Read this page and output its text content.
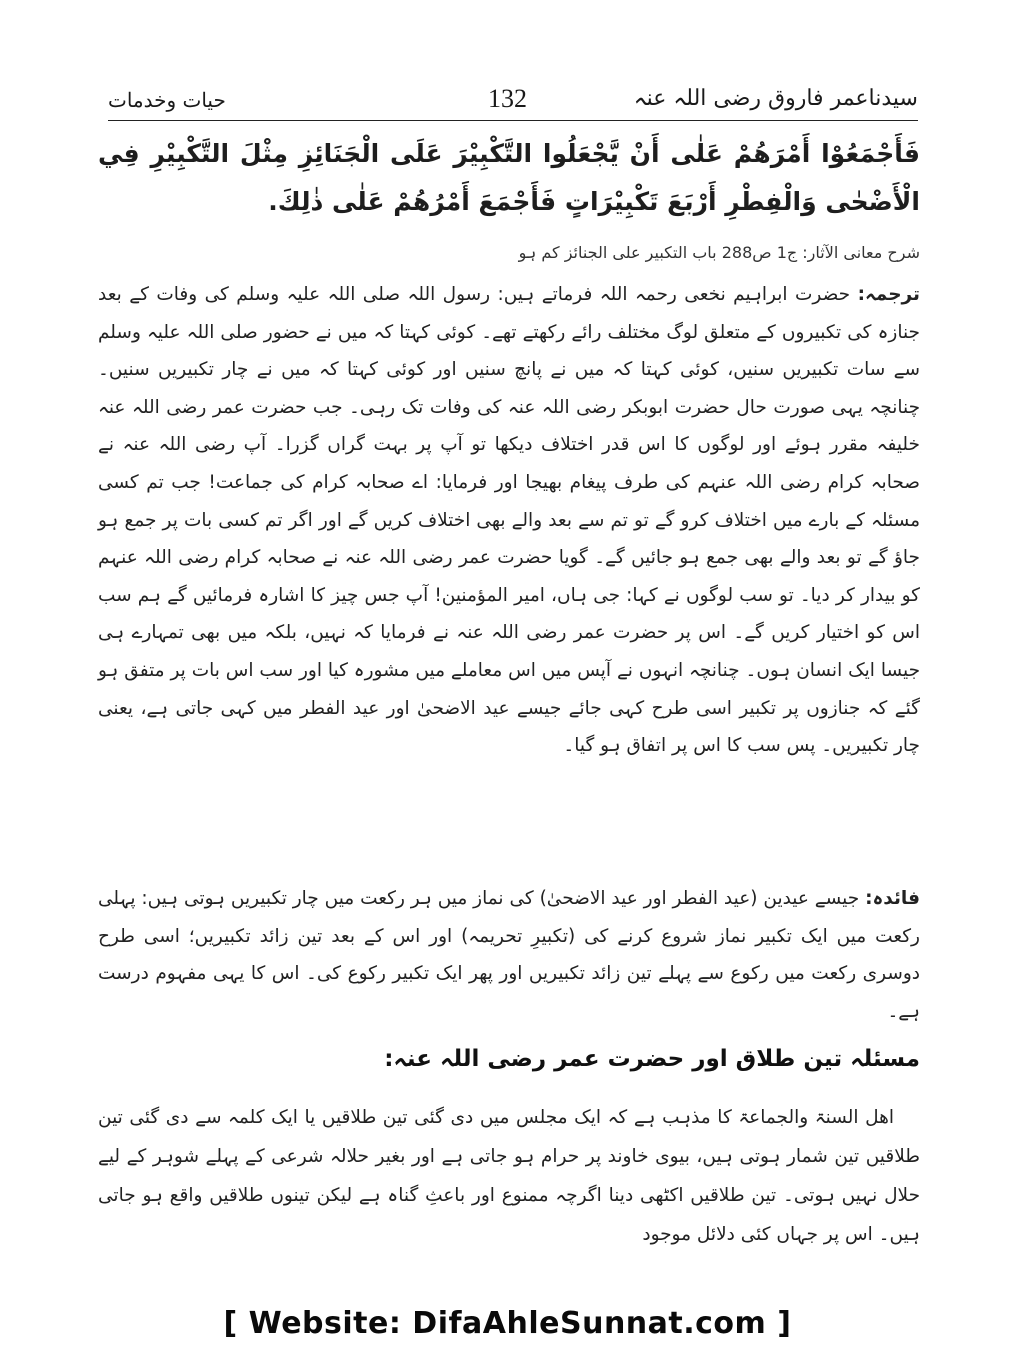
سیدناعمر فاروق رضی اللہ عنہ
132
حیات وخدمات
فَأَجْمَعُوْا أَمْرَهُمْ عَلٰى أَنْ يَّجْعَلُوا التَّكْبِيْرَ عَلَى الْجَنَائِزِ مِثْلَ التَّكْبِيْرِ فِي الْأَضْحٰى وَالْفِطْرِ أَرْبَعَ تَكْبِيْرَاتٍ فَأَجْمَعَ أَمْرُهُمْ عَلٰى ذٰلِكَ.
شرح معانی الآثار: ج1 ص288 باب التکبیر علی الجنائز کم ہو
ترجمہ: حضرت ابراہیم نخعی رحمہ اللہ فرماتے ہیں: رسول اللہ صلی اللہ علیہ وسلم کی وفات کے بعد جنازہ کی تکبیروں کے متعلق لوگ مختلف رائے رکھتے تھے۔ کوئی کہتا کہ میں نے حضور صلی اللہ علیہ وسلم سے سات تکبیریں سنیں، کوئی کہتا کہ میں نے پانچ سنیں اور کوئی کہتا کہ میں نے چار تکبیریں سنیں۔ چنانچہ یہی صورت حال حضرت ابوبکر رضی اللہ عنہ کی وفات تک رہی۔ جب حضرت عمر رضی اللہ عنہ خلیفہ مقرر ہوئے اور لوگوں کا اس قدر اختلاف دیکھا تو آپ پر بہت گراں گزرا۔ آپ رضی اللہ عنہ نے صحابہ کرام رضی اللہ عنہم کی طرف پیغام بھیجا اور فرمایا: اے صحابہ کرام کی جماعت! جب تم کسی مسئلہ کے بارے میں اختلاف کرو گے تو تم سے بعد والے بھی اختلاف کریں گے اور اگر تم کسی بات پر جمع ہو جاؤ گے تو بعد والے بھی جمع ہو جائیں گے۔ گویا حضرت عمر رضی اللہ عنہ نے صحابہ کرام رضی اللہ عنہم کو بیدار کر دیا۔ تو سب لوگوں نے کہا: جی ہاں، امیر المؤمنین! آپ جس چیز کا اشارہ فرمائیں گے ہم سب اس کو اختیار کریں گے۔ اس پر حضرت عمر رضی اللہ عنہ نے فرمایا کہ نہیں، بلکہ میں بھی تمہارے ہی جیسا ایک انسان ہوں۔ چنانچہ انہوں نے آپس میں اس معاملے میں مشورہ کیا اور سب اس بات پر متفق ہو گئے کہ جنازوں پر تکبیر اسی طرح کہی جائے جیسے عید الاضحیٰ اور عید الفطر میں کہی جاتی ہے، یعنی چار تکبیریں۔ پس سب کا اس پر اتفاق ہو گیا۔
فائدہ: جیسے عیدین (عید الفطر اور عید الاضحیٰ) کی نماز میں ہر رکعت میں چار تکبیریں ہوتی ہیں: پہلی رکعت میں ایک تکبیر نماز شروع کرنے کی (تکبیرِ تحریمہ) اور اس کے بعد تین زائد تکبیریں؛ اسی طرح دوسری رکعت میں رکوع سے پہلے تین زائد تکبیریں اور پھر ایک تکبیر رکوع کی۔ اس کا یہی مفہوم درست ہے۔
مسئلہ تین طلاق اور حضرت عمر رضی اللہ عنہ:
اھل السنۃ والجماعۃ کا مذہب ہے کہ ایک مجلس میں دی گئی تین طلاقیں یا ایک کلمہ سے دی گئی تین طلاقیں تین شمار ہوتی ہیں، بیوی خاوند پر حرام ہو جاتی ہے اور بغیر حلالہ شرعی کے پہلے شوہر کے لیے حلال نہیں ہوتی۔ تین طلاقیں اکٹھی دینا اگرچہ ممنوع اور باعثِ گناہ ہے لیکن تینوں طلاقیں واقع ہو جاتی ہیں۔ اس پر جہاں کئی دلائل موجود
[ Website: DifaAhleSunnat.com ]
